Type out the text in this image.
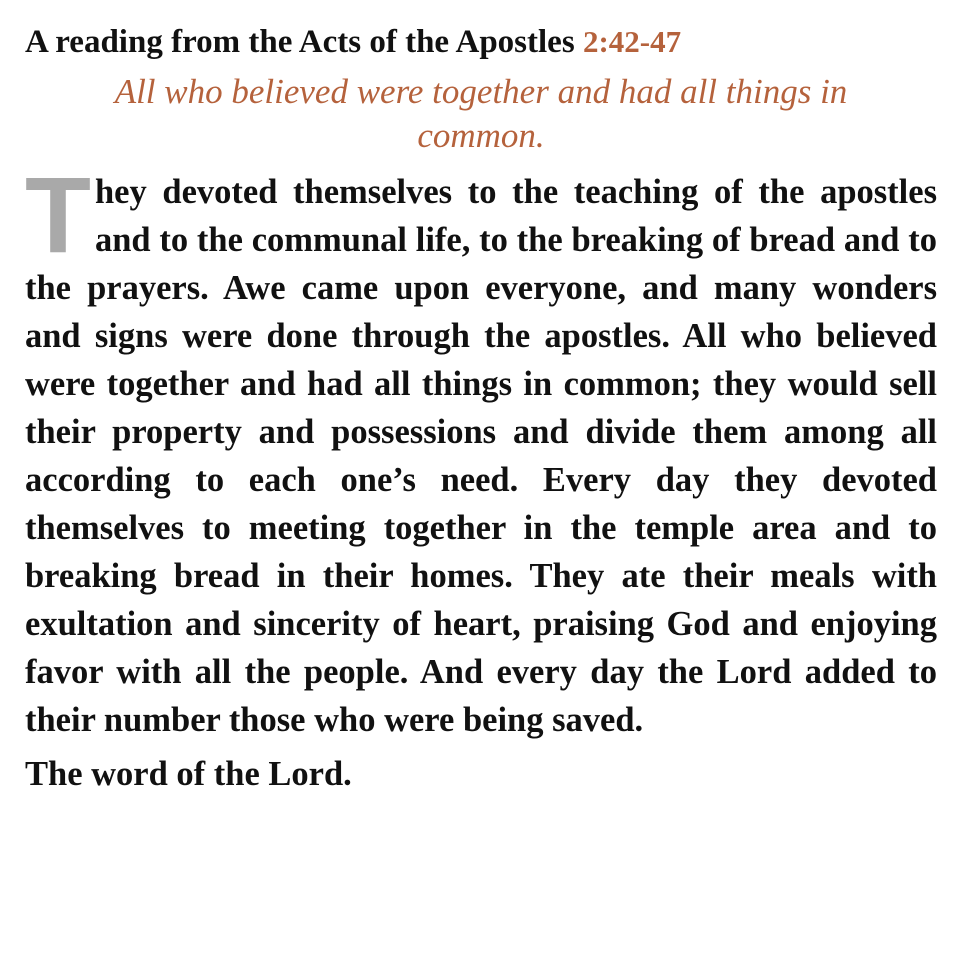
A reading from the Acts of the Apostles 2:42-47
All who believed were together and had all things in common.
T hey devoted themselves to the teaching of the apostles and to the communal life, to the breaking of bread and to the prayers. Awe came upon everyone, and many wonders and signs were done through the apostles. All who believed were together and had all things in common; they would sell their property and possessions and divide them among all according to each one’s need. Every day they devoted themselves to meeting together in the temple area and to breaking bread in their homes. They ate their meals with exultation and sincerity of heart, praising God and enjoying favor with all the people. And every day the Lord added to their number those who were being saved.
The word of the Lord.
